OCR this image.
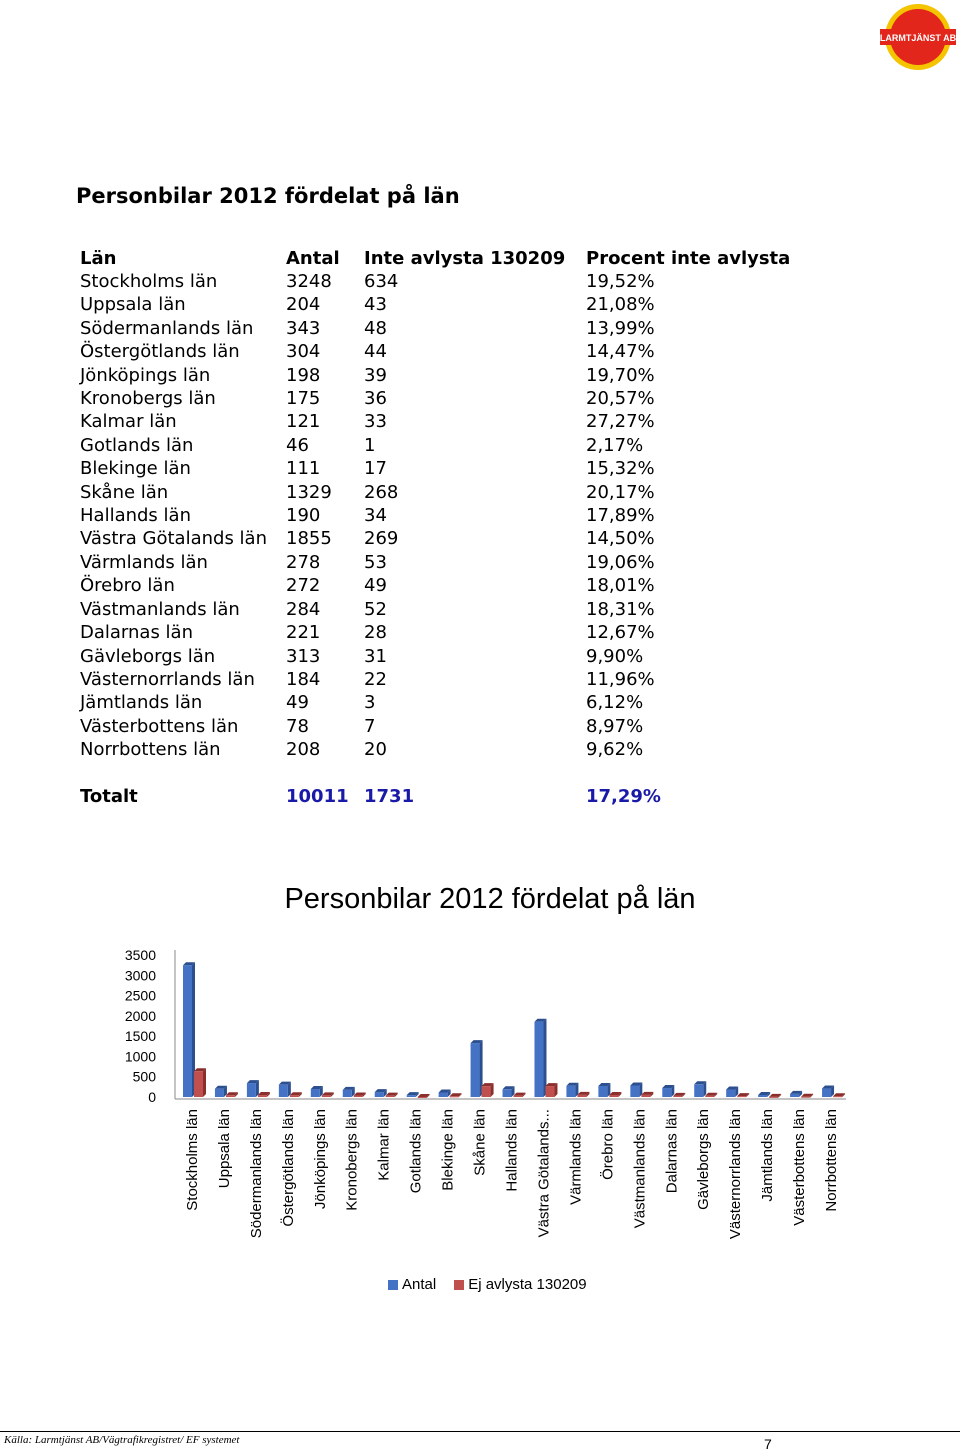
LARMTJÄNST AB
Personbilar 2012 fördelat på län
Län	Antal	Inte avlysta 130209	Procent inte avlysta
Stockholms län	3248	634	19,52%
Uppsala län	204	43	21,08%
Södermanlands län	343	48	13,99%
Östergötlands län	304	44	14,47%
Jönköpings län	198	39	19,70%
Kronobergs län	175	36	20,57%
Kalmar län	121	33	27,27%
Gotlands län	46	1	2,17%
Blekinge län	111	17	15,32%
Skåne län	1329	268	20,17%
Hallands län	190	34	17,89%
Västra Götalands län	1855	269	14,50%
Värmlands län	278	53	19,06%
Örebro län	272	49	18,01%
Västmanlands län	284	52	18,31%
Dalarnas län	221	28	12,67%
Gävleborgs län	313	31	9,90%
Västernorrlands län	184	22	11,96%
Jämtlands län	49	3	6,12%
Västerbottens län	78	7	8,97%
Norrbottens län	208	20	9,62%

Totalt	10011	1731	17,29%
Personbilar 2012 fördelat på län
3500
3000
2500
2000
1500
1000
500
0
Stockholms län Uppsala län Södermanlands län Östergötlands län Jönköpings län Kronobergs län Kalmar län Gotlands län Blekinge län Skåne län Hallands län Västra Götalands... Värmlands län Örebro län Västmanlands län Dalarnas län Gävleborgs län Västernorrlands län Jämtlands län Västerbottens län Norrbottens län
Antal Ej avlysta 130209
Källa: Larmtjänst AB/Vägtrafikregistret/ EF systemet	7
